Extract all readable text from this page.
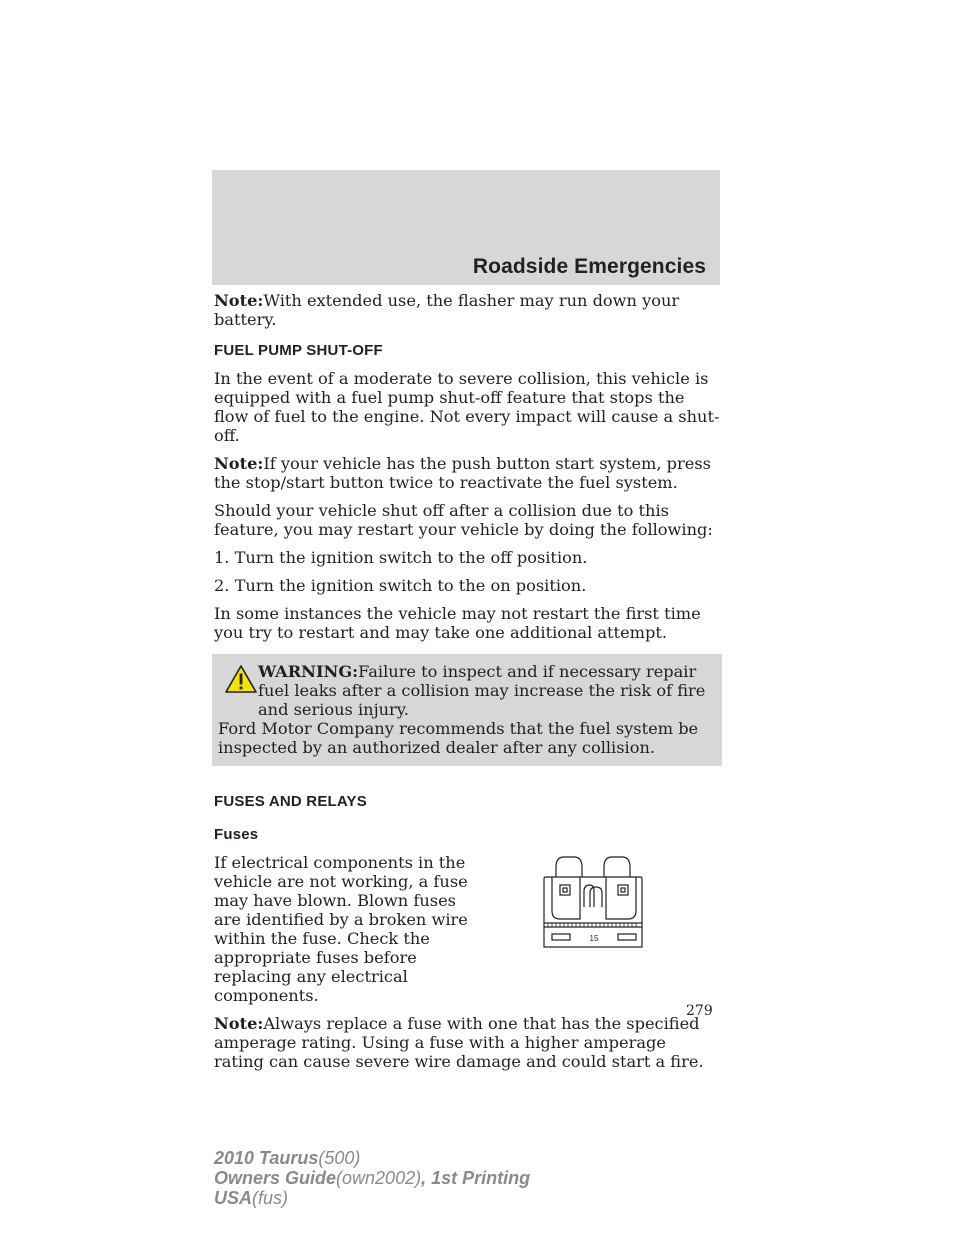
Roadside Emergencies

Note:With extended use, the flasher may run down your battery.

FUEL PUMP SHUT-OFF

In the event of a moderate to severe collision, this vehicle is equipped with a fuel pump shut-off feature that stops the flow of fuel to the engine. Not every impact will cause a shut-off.

Note:If your vehicle has the push button start system, press the stop/start button twice to reactivate the fuel system.

Should your vehicle shut off after a collision due to this feature, you may restart your vehicle by doing the following:

1. Turn the ignition switch to the off position.

2. Turn the ignition switch to the on position.

In some instances the vehicle may not restart the first time you try to restart and may take one additional attempt.

WARNING:Failure to inspect and if necessary repair fuel leaks after a collision may increase the risk of fire and serious injury.
Ford Motor Company recommends that the fuel system be inspected by an authorized dealer after any collision.
FUSES AND RELAYS
Fuses

If electrical components in the vehicle are not working, a fuse may have blown. Blown fuses are identified by a broken wire within the fuse. Check the appropriate fuses before replacing any electrical components.

15

Note:Always replace a fuse with one that has the specified amperage rating. Using a fuse with a higher amperage rating can cause severe wire damage and could start a fire.

279
2010 Taurus(500)
Owners Guide(own2002), 1st Printing
USA(fus)
